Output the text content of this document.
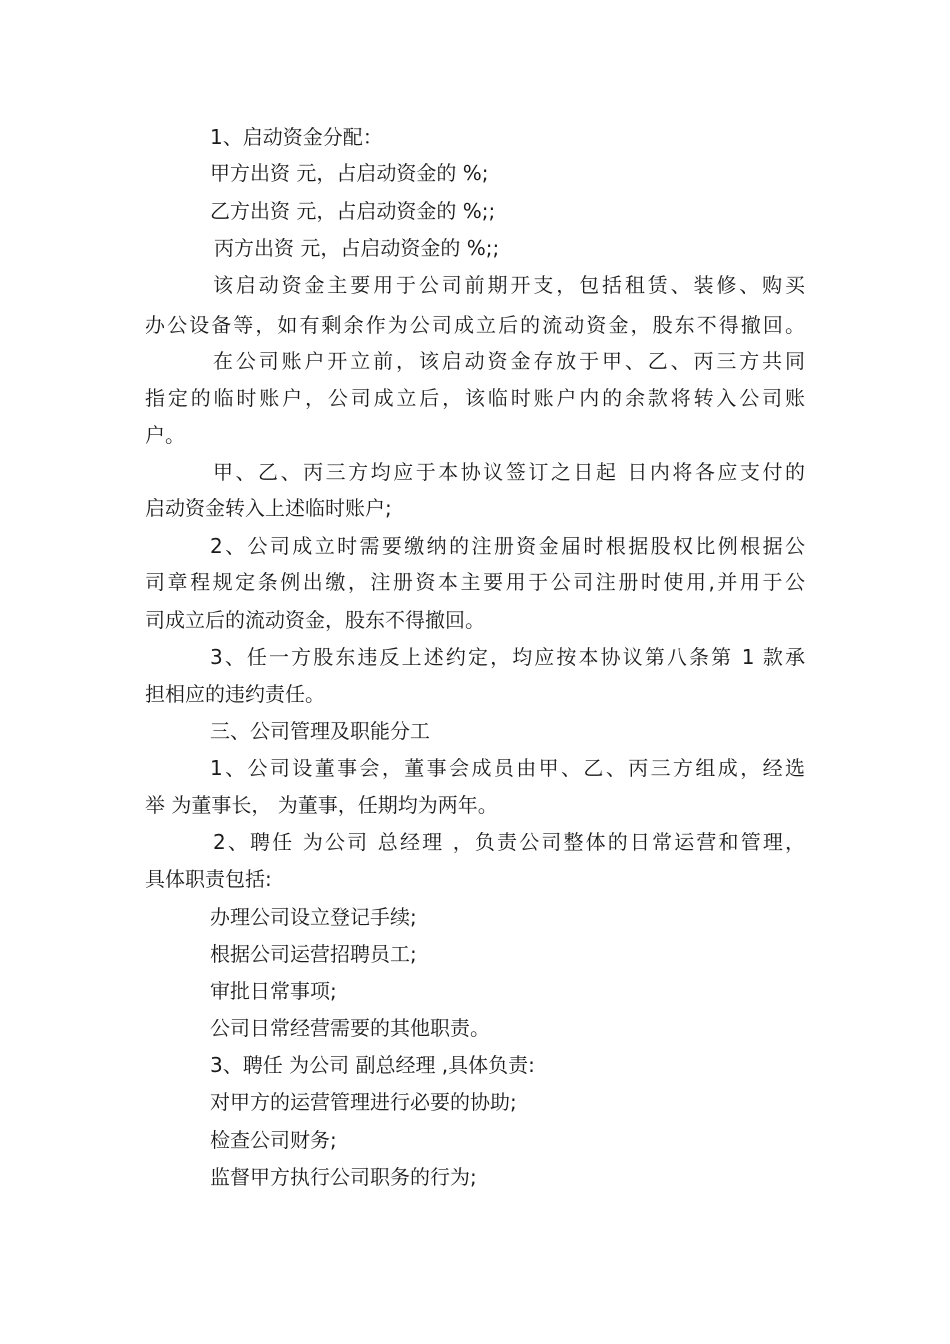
1、启动资金分配：
甲方出资 元，占启动资金的 %;
乙方出资 元，占启动资金的 %;;
丙方出资 元，占启动资金的 %;;
该启动资金主要用于公司前期开支，包括租赁、装修、购买
办公设备等，如有剩余作为公司成立后的流动资金，股东不得撤回。
在公司账户开立前，该启动资金存放于甲、乙、丙三方共同
指定的临时账户，公司成立后，该临时账户内的余款将转入公司账
户。
甲、乙、丙三方均应于本协议签订之日起 日内将各应支付的
启动资金转入上述临时账户;
2、公司成立时需要缴纳的注册资金届时根据股权比例根据公
司章程规定条例出缴，注册资本主要用于公司注册时使用,并用于公
司成立后的流动资金，股东不得撤回。
3、任一方股东违反上述约定，均应按本协议第八条第 1 款承
担相应的违约责任。
三、公司管理及职能分工
1、公司设董事会，董事会成员由甲、乙、丙三方组成，经选
举 为董事长， 为董事，任期均为两年。
2、聘任 为公司 总经理 ，负责公司整体的日常运营和管理，
具体职责包括:
办理公司设立登记手续;
根据公司运营招聘员工;
审批日常事项;
公司日常经营需要的其他职责。
3、聘任 为公司 副总经理 ,具体负责:
对甲方的运营管理进行必要的协助;
检查公司财务;
监督甲方执行公司职务的行为;
